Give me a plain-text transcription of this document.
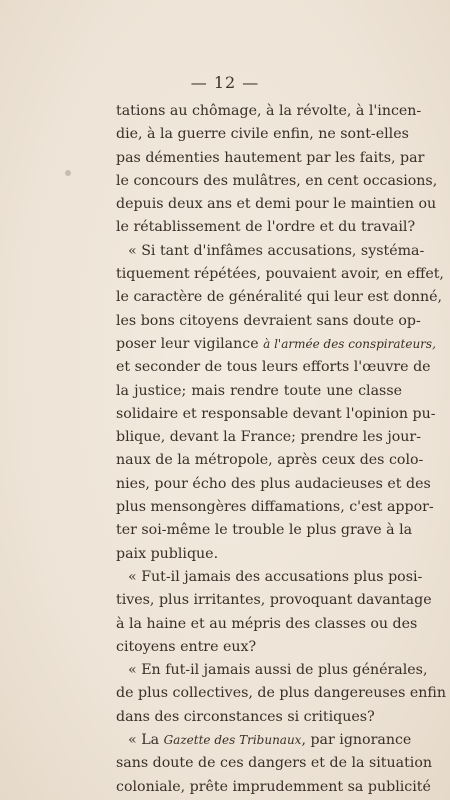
— 12 —
tations au chômage, à la révolte, à l'incen-
die, à la guerre civile enfin, ne sont-elles
pas démenties hautement par les faits, par
le concours des mulâtres, en cent occasions,
depuis deux ans et demi pour le maintien ou
le rétablissement de l'ordre et du travail?
« Si tant d'infâmes accusations, systéma-
tiquement répétées, pouvaient avoir, en effet,
le caractère de généralité qui leur est donné,
les bons citoyens devraient sans doute op-
poser leur vigilance à l'armée des conspirateurs,
et seconder de tous leurs efforts l'œuvre de
la justice; mais rendre toute une classe
solidaire et responsable devant l'opinion pu-
blique, devant la France; prendre les jour-
naux de la métropole, après ceux des colo-
nies, pour écho des plus audacieuses et des
plus mensongères diffamations, c'est appor-
ter soi-même le trouble le plus grave à la
paix publique.
« Fut-il jamais des accusations plus posi-
tives, plus irritantes, provoquant davantage
à la haine et au mépris des classes ou des
citoyens entre eux?
« En fut-il jamais aussi de plus générales,
de plus collectives, de plus dangereuses enfin
dans des circonstances si critiques?
« La Gazette des Tribunaux, par ignorance
sans doute de ces dangers et de la situation
coloniale, prête imprudemment sa publicité
